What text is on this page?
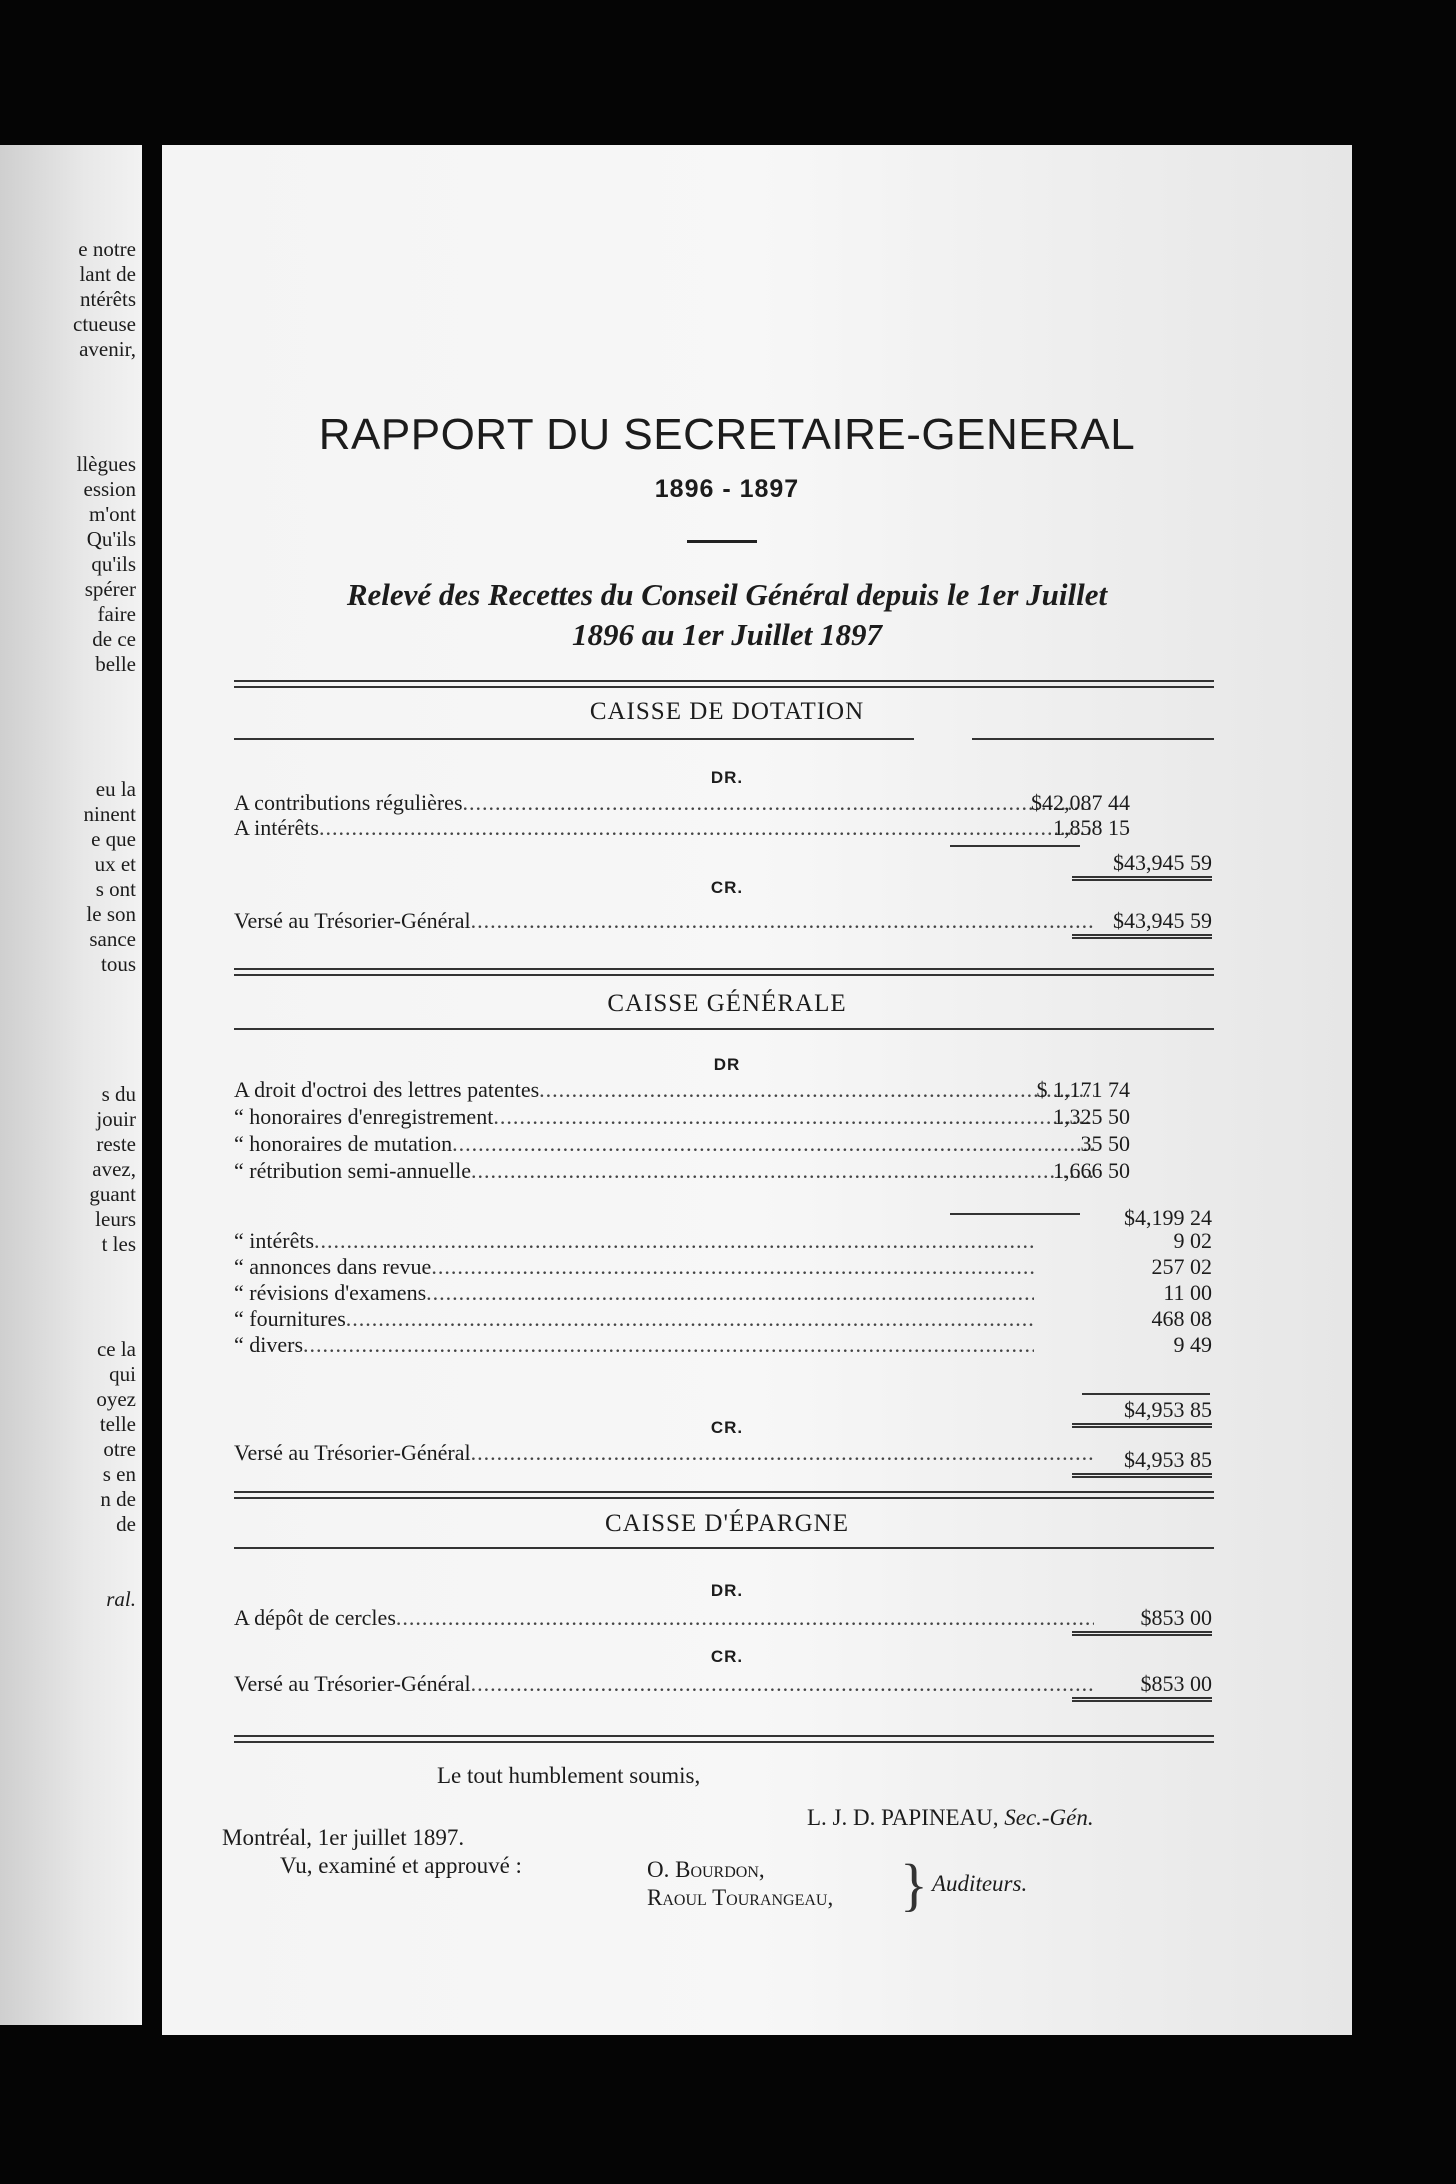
e notre
lant de
ntérêts
ctueuse
avenir,
llègues
ession
m'ont
Qu'ils
qu'ils
spérer
faire
de ce
belle
eu la
ninent
e que
ux et
s ont
le son
sance
tous
s du
jouir
reste
avez,
guant
leurs
t les
ce la
qui
oyez
telle
otre
s en
n de
de
ral.
RAPPORT DU SECRETAIRE-GENERAL
1896 - 1897
Relevé des Recettes du Conseil Général depuis le 1er Juillet
1896 au 1er Juillet 1897
CAISSE DE DOTATION
DR.
A contributions régulières .....	$42,087 44
A intérêts .....	1,858 15
$43,945 59
CR.
Versé au Trésorier-Général .....	$43,945 59
CAISSE GÉNÉRALE
DR
A droit d'octroi des lettres patentes .....	$ 1,171 74
“ honoraires d'enregistrement .....	1,325 50
“ honoraires de mutation .....	35 50
“ rétribution semi-annuelle .....	1,666 50
$4,199 24
“ intérêts .....	9 02
“ annonces dans revue .....	257 02
“ révisions d'examens .....	11 00
“ fournitures .....	468 08
“ divers .....	9 49
$4,953 85
CR.
Versé au Trésorier-Général .....	$4,953 85
CAISSE D'ÉPARGNE
DR.
A dépôt de cercles .....	$853 00
CR.
Versé au Trésorier-Général .....	$853 00
Le tout humblement soumis,
L. J. D. PAPINEAU, Sec.-Gén.
Montréal, 1er juillet 1897.
Vu, examiné et approuvé :	O. Bourdon,
Raoul Tourangeau, } Auditeurs.
